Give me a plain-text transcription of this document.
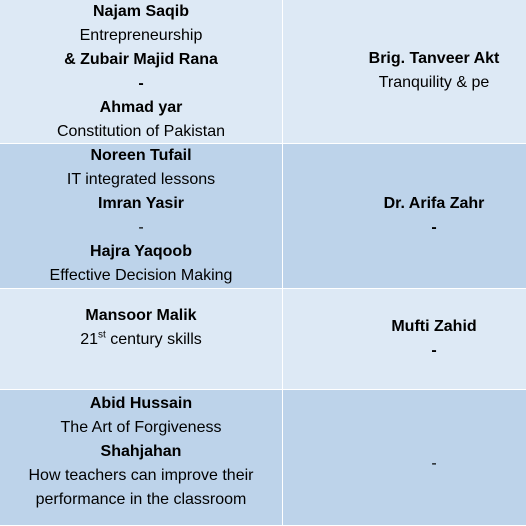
Najam Saqib
Entrepreneurship
& Zubair Majid Rana
-
Ahmad yar
Constitution of Pakistan
Brig. Tanveer Akt
Tranquility & pe
Noreen Tufail
IT integrated lessons
Imran Yasir
-
Hajra Yaqoob
Effective Decision Making
Dr. Arifa Zahr
-
Mansoor Malik
21st century skills
Mufti Zahid
-
Abid Hussain
The Art of Forgiveness
Shahjahan
How teachers can improve their
performance in the classroom
-
